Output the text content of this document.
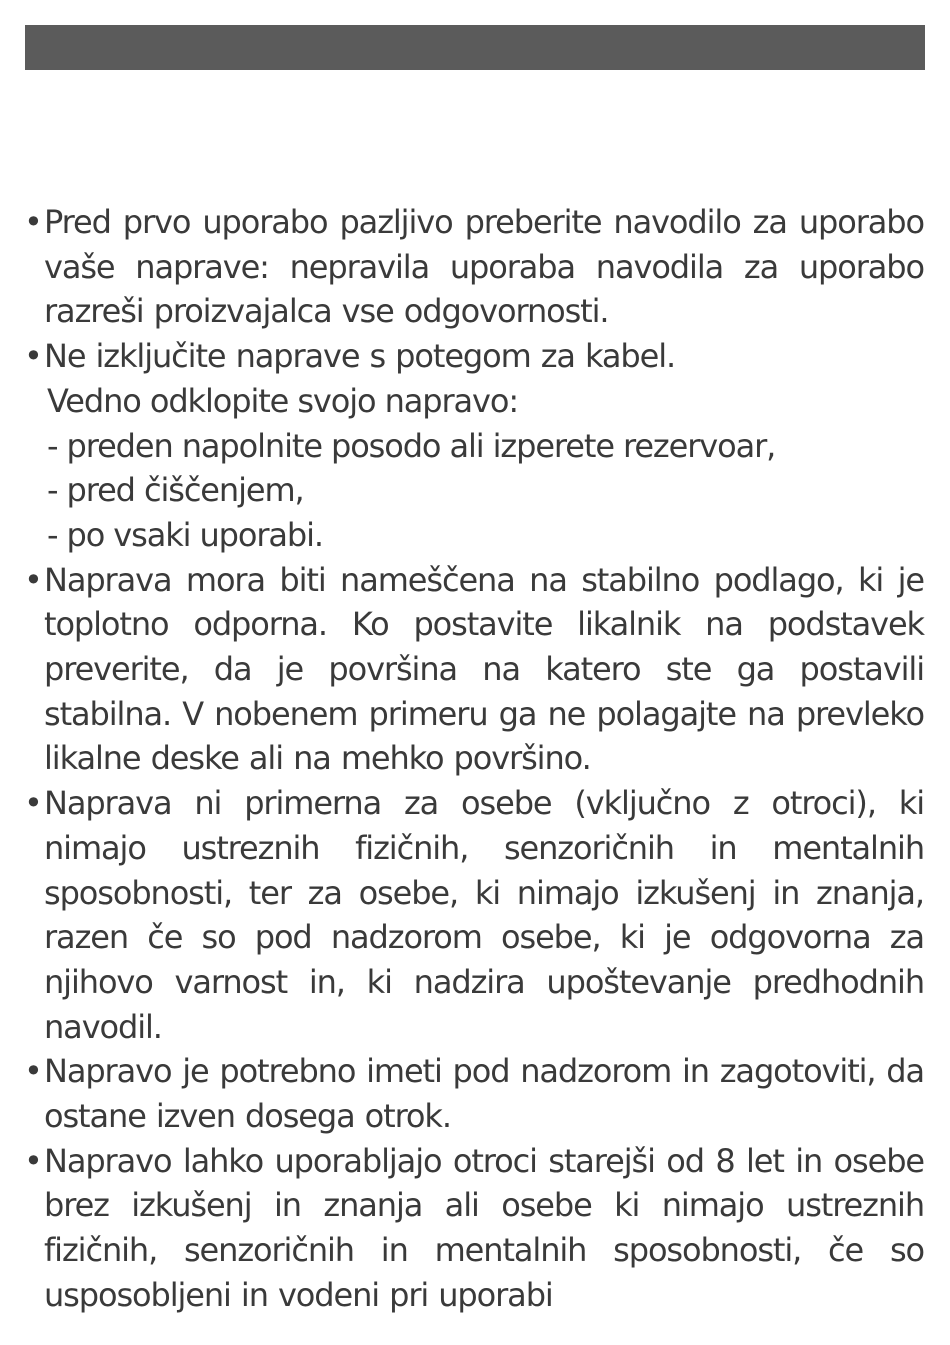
• Pred prvo uporabo pazljivo preberite navodilo za uporabo vaše naprave: nepravila uporaba navodila za uporabo razreši proizvajalca vse odgovornosti.

• Ne izključite naprave s potegom za kabel.

Vedno odklopite svojo napravo:

- preden napolnite posodo ali izperete rezervoar,

- pred čiščenjem,

- po vsaki uporabi.

• Naprava mora biti nameščena na stabilno podlago, ki je toplotno odporna. Ko postavite likalnik na podstavek preverite, da je površina na katero ste ga postavili stabilna. V nobenem primeru ga ne polagajte na prevleko likalne deske ali na mehko površino.

• Naprava ni primerna za osebe (vključno z otroci), ki nimajo ustreznih fizičnih, senzoričnih in mentalnih sposobnosti, ter za osebe, ki nimajo izkušenj in znanja, razen če so pod nadzorom osebe, ki je odgovorna za njihovo varnost in, ki nadzira upoštevanje predhodnih navodil.

• Napravo je potrebno imeti pod nadzorom in zagotoviti, da ostane izven dosega otrok.

• Napravo lahko uporabljajo otroci starejši od 8 let in osebe brez izkušenj in znanja ali osebe ki nimajo ustreznih fizičnih, senzoričnih in mentalnih sposobnosti, če so usposobljeni in vodeni pri uporabi
